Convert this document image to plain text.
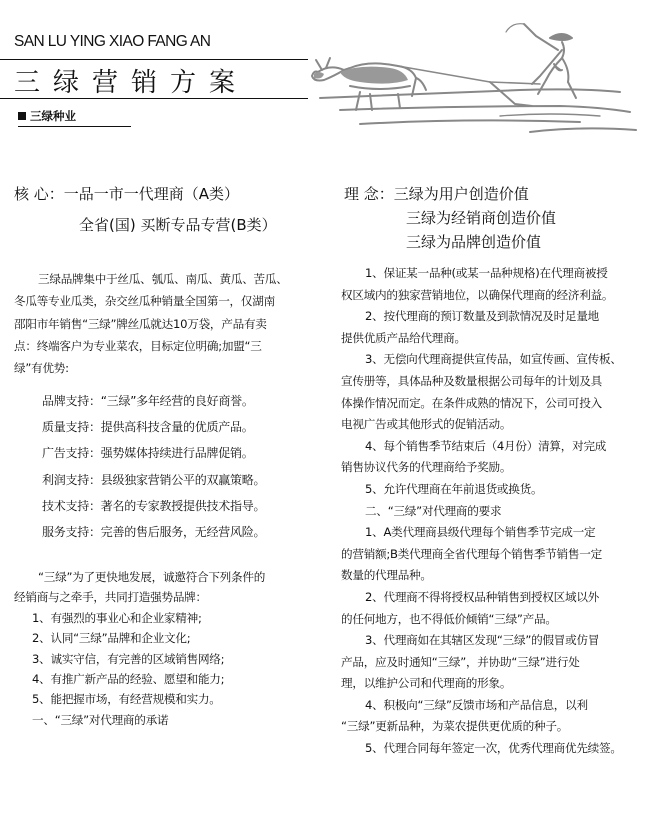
SAN LU YING XIAO FANG AN
三绿营销方案
三绿种业
核 心：一品一市一代理商（A类）
全省(国) 买断专品专营(B类）
理 念：三绿为用户创造价值
三绿为经销商创造价值
三绿为品牌创造价值
三绿品牌集中于丝瓜、瓠瓜、南瓜、黄瓜、苦瓜、
冬瓜等专业瓜类，杂交丝瓜种销量全国第一，仅湖南
邵阳市年销售“三绿”牌丝瓜就达10万袋，产品有卖
点：终端客户为专业菜农，目标定位明确;加盟“三
绿”有优势:
品牌支持：“三绿”多年经营的良好商誉。
质量支持：提供高科技含量的优质产品。
广告支持：强势媒体持续进行品牌促销。
利润支持：县级独家营销公平的双赢策略。
技术支持：著名的专家教授提供技术指导。
服务支持：完善的售后服务，无经营风险。
“三绿”为了更快地发展，诚邀符合下列条件的
经销商与之牵手，共同打造强势品牌：
1、有强烈的事业心和企业家精神;
2、认同“三绿”品牌和企业文化;
3、诚实守信，有完善的区域销售网络;
4、有推广新产品的经验、愿望和能力;
5、能把握市场，有经营规模和实力。
一、“三绿”对代理商的承诺
1、保证某一品种(或某一品种规格)在代理商被授
权区域内的独家营销地位，以确保代理商的经济利益。
2、按代理商的预订数量及到款情况及时足量地
提供优质产品给代理商。
3、无偿向代理商提供宣传品，如宣传画、宣传板、
宣传册等，具体品种及数量根据公司每年的计划及具
体操作情况而定。在条件成熟的情况下，公司可投入
电视广告或其他形式的促销活动。
4、每个销售季节结束后（4月份）清算，对完成
销售协议代务的代理商给予奖励。
5、允许代理商在年前退货或换货。
二、“三绿”对代理商的要求
1、A类代理商县级代理每个销售季节完成一定
的营销额;B类代理商全省代理每个销售季节销售一定
数量的代理品种。
2、代理商不得将授权品种销售到授权区域以外
的任何地方，也不得低价倾销“三绿”产品。
3、代理商如在其辖区发现“三绿”的假冒或仿冒
产品，应及时通知“三绿”，并协助“三绿”进行处
理，以维护公司和代理商的形象。
4、积极向“三绿”反馈市场和产品信息，以利
“三绿”更新品种，为菜农提供更优质的种子。
5、代理合同每年签定一次，优秀代理商优先续签。
